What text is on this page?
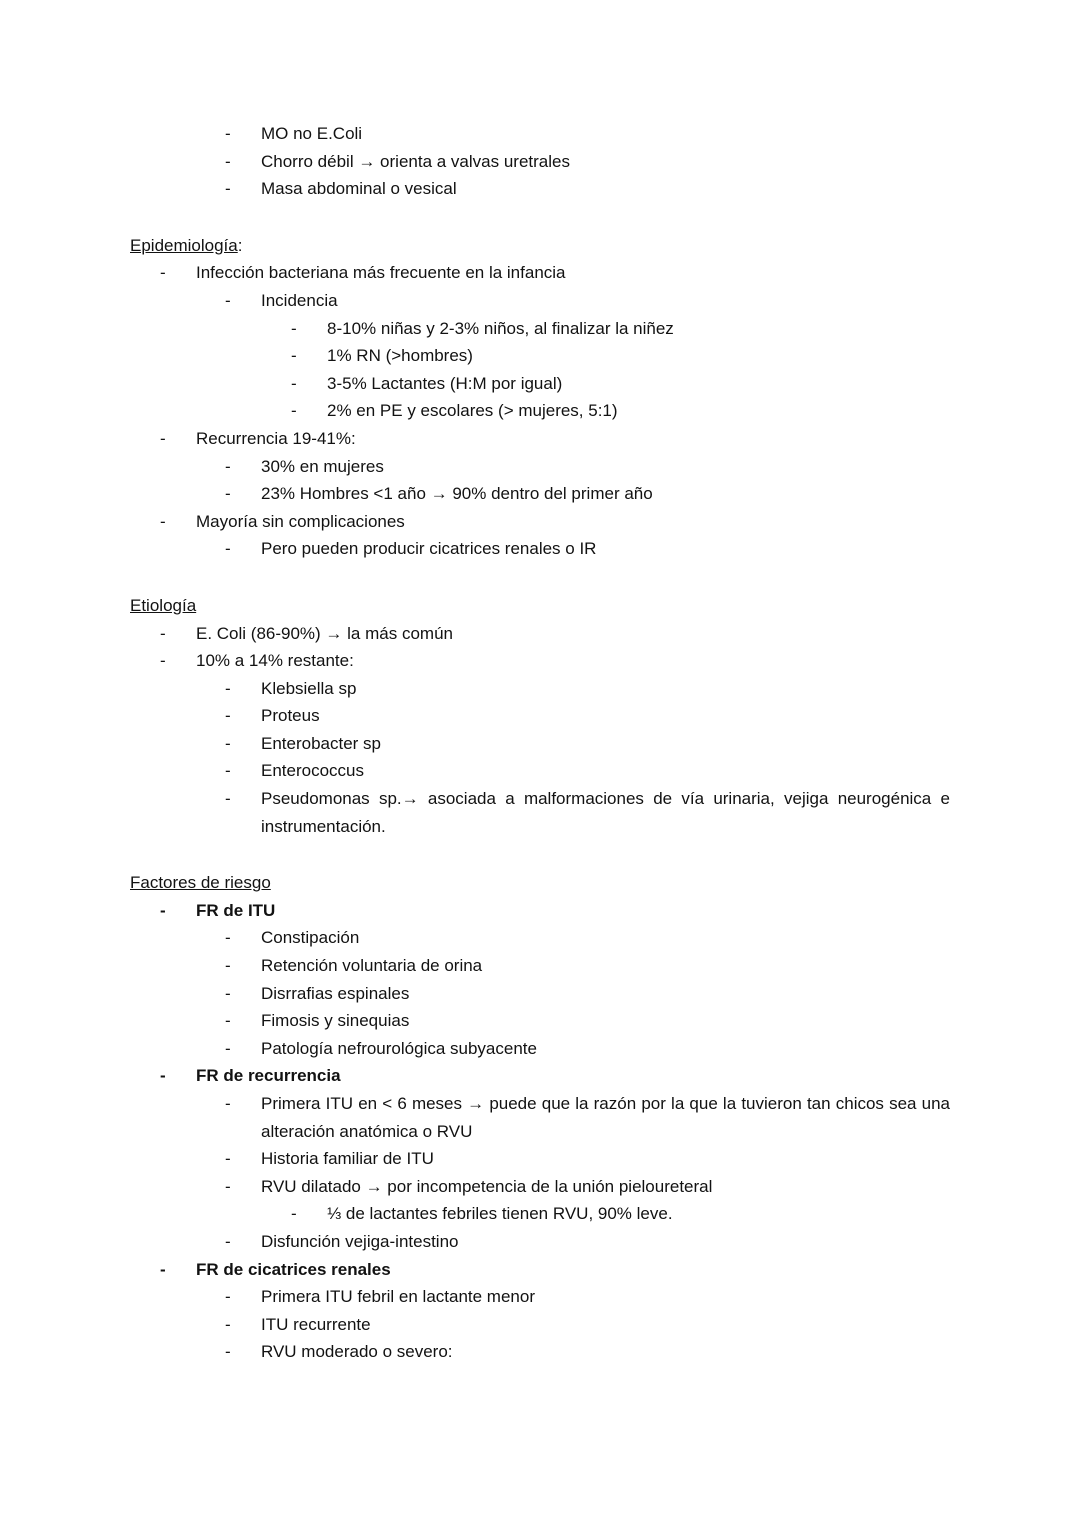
-	MO no E.Coli
-	Chorro débil → orienta a valvas uretrales
-	Masa abdominal o vesical
Epidemiología:
-	Infección bacteriana más frecuente en la infancia
-	Incidencia
-	8-10% niñas y 2-3% niños, al finalizar la niñez
-	1% RN (>hombres)
-	3-5% Lactantes (H:M por igual)
-	2% en PE y escolares (> mujeres, 5:1)
-	Recurrencia 19-41%:
-	30% en mujeres
-	23% Hombres <1 año → 90% dentro del primer año
-	Mayoría sin complicaciones
-	Pero pueden producir cicatrices renales o IR
Etiología
-	E. Coli (86-90%) → la más común
-	10% a 14% restante:
-	Klebsiella sp
-	Proteus
-	Enterobacter sp
-	Enterococcus
-	Pseudomonas sp.→ asociada a malformaciones de vía urinaria, vejiga neurogénica e instrumentación.
Factores de riesgo
-	FR de ITU
-	Constipación
-	Retención voluntaria de orina
-	Disrrafias espinales
-	Fimosis y sinequias
-	Patología nefrourológica subyacente
-	FR de recurrencia
-	Primera ITU en < 6 meses → puede que la razón por la que la tuvieron tan chicos sea una alteración anatómica o RVU
-	Historia familiar de ITU
-	RVU dilatado → por incompetencia de la unión pieloureteral
-	⅓ de lactantes febriles tienen RVU, 90% leve.
-	Disfunción vejiga-intestino
-	FR de cicatrices renales
-	Primera ITU febril en lactante menor
-	ITU recurrente
-	RVU moderado o severo:
